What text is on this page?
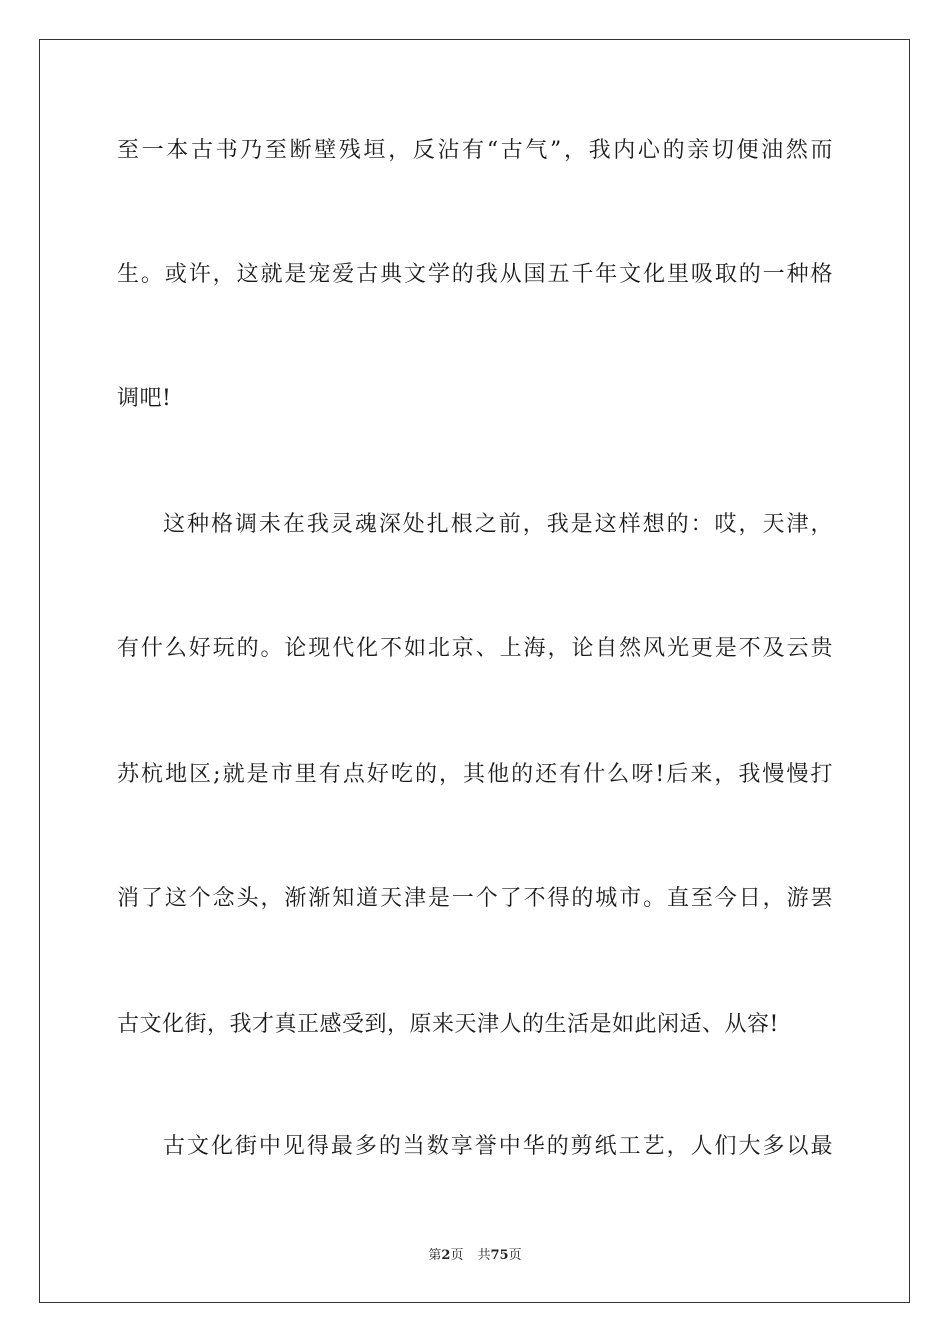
至一本古书乃至断壁残垣，反沾有“古气”，我内心的亲切便油然而
生。或许，这就是宠爱古典文学的我从国五千年文化里吸取的一种格
调吧!
这种格调未在我灵魂深处扎根之前，我是这样想的：哎，天津，
有什么好玩的。论现代化不如北京、上海，论自然风光更是不及云贵
苏杭地区;就是市里有点好吃的，其他的还有什么呀!后来，我慢慢打
消了这个念头，渐渐知道天津是一个了不得的城市。直至今日，游罢
古文化街，我才真正感受到，原来天津人的生活是如此闲适、从容!
古文化街中见得最多的当数享誉中华的剪纸工艺，人们大多以最
第2页 共75页
